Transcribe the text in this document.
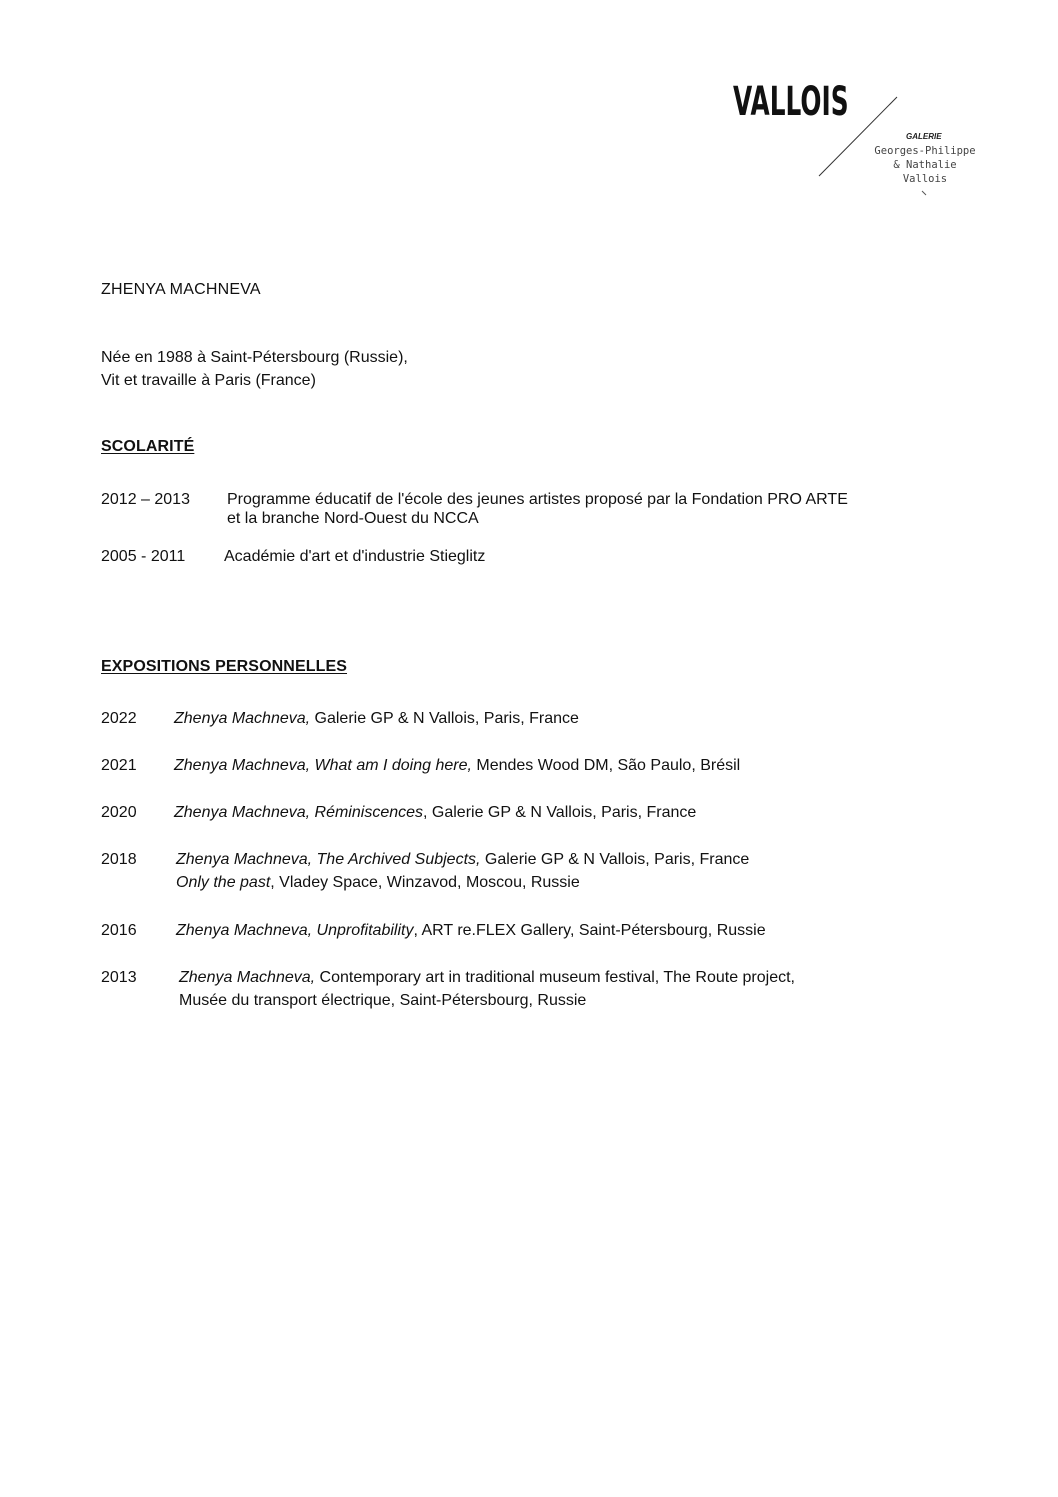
VALLOIS
GALERIE
Georges-Philippe
& Nathalie
Vallois
ZHENYA MACHNEVA
Née en 1988 à Saint-Pétersbourg (Russie),
Vit et travaille à Paris (France)
SCOLARITÉ
2012 – 2013 Programme éducatif de l'école des jeunes artistes proposé par la Fondation PRO ARTE
et la branche Nord-Ouest du NCCA
2005 - 2011 Académie d'art et d'industrie Stieglitz
EXPOSITIONS PERSONNELLES
2022 Zhenya Machneva, Galerie GP & N Vallois, Paris, France
2021 Zhenya Machneva, What am I doing here, Mendes Wood DM, São Paulo, Brésil
2020 Zhenya Machneva, Réminiscences, Galerie GP & N Vallois, Paris, France
2018 Zhenya Machneva, The Archived Subjects, Galerie GP & N Vallois, Paris, France
Only the past, Vladey Space, Winzavod, Moscou, Russie
2016 Zhenya Machneva, Unprofitability, ART re.FLEX Gallery, Saint-Pétersbourg, Russie
2013	Zhenya Machneva, Contemporary art in traditional museum festival, The Route project,
Musée du transport électrique, Saint-Pétersbourg, Russie
